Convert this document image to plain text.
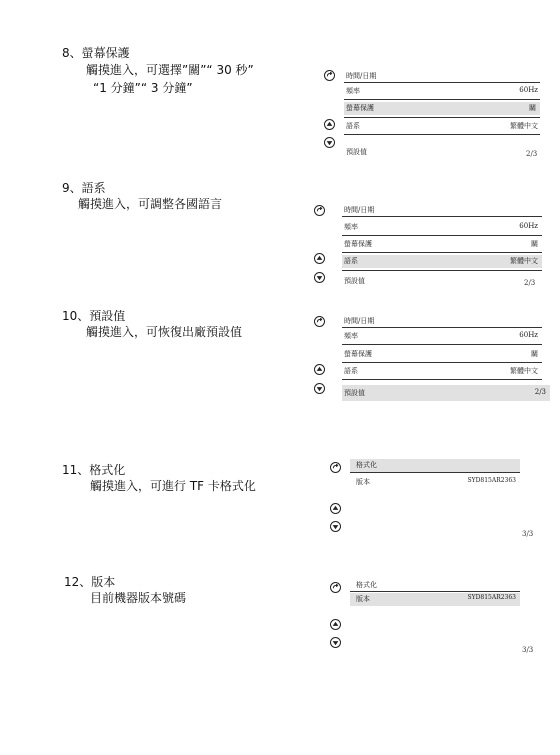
8、螢幕保護
觸摸進入，可選擇”關”“ 30 秒”
“1 分鐘”“ 3 分鐘”
時間/日期
頻率	60Hz
螢幕保護	關
語系	繁體中文
預設值	2/3
9、語系
觸摸進入，可調整各國語言	時間/日期
頻率	60Hz
螢幕保護	關
語系	繁體中文
預設值	2/3
10、預設值
觸摸進入，可恢復出廠預設值
時間/日期
頻率	60Hz
螢幕保護	關
語系	繁體中文
預設值	2/3
11、格式化
觸摸進入，可進行 TF 卡格式化
格式化
版本	SYD815AR2363
3/3
12、版本
目前機器版本號碼
格式化
版本	SYD815AR2363
3/3
